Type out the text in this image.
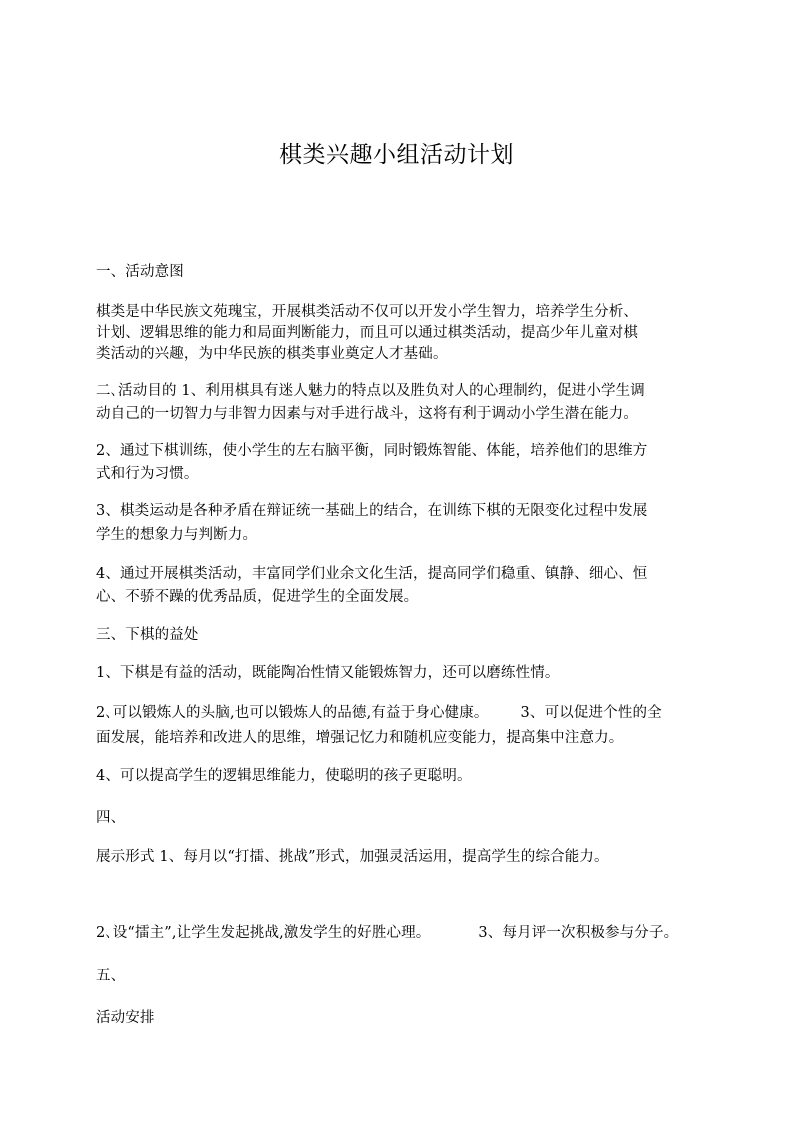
棋类兴趣小组活动计划
一、活动意图
棋类是中华民族文苑瑰宝，开展棋类活动不仅可以开发小学生智力，培养学生分析、
计划、逻辑思维的能力和局面判断能力，而且可以通过棋类活动，提高少年儿童对棋
类活动的兴趣，为中华民族的棋类事业奠定人才基础。
二､活动目的 1、利用棋具有迷人魅力的特点以及胜负对人的心理制约，促进小学生调
动自己的一切智力与非智力因素与对手进行战斗，这将有利于调动小学生潜在能力。
2、通过下棋训练，使小学生的左右脑平衡，同时锻炼智能、体能，培养他们的思维方
式和行为习惯。
3、棋类运动是各种矛盾在辩证统一基础上的结合，在训练下棋的无限变化过程中发展
学生的想象力与判断力。
4、通过开展棋类活动，丰富同学们业余文化生活，提高同学们稳重、镇静、细心、恒
心、不骄不躁的优秀品质，促进学生的全面发展。
三、下棋的益处
1、下棋是有益的活动，既能陶冶性情又能锻炼智力，还可以磨练性情。
2､可以锻炼人的头脑,也可以锻炼人的品德,有益于身心健康。 3、可以促进个性的全
面发展，能培养和改进人的思维，增强记忆力和随机应变能力，提高集中注意力。
4、可以提高学生的逻辑思维能力，使聪明的孩子更聪明。
四、
展示形式 1、每月以“打擂、挑战”形式，加强灵活运用，提高学生的综合能力。
2､设“擂主”,让学生发起挑战,激发学生的好胜心理。	3、每月评一次积极参与分子。
五、
活动安排
